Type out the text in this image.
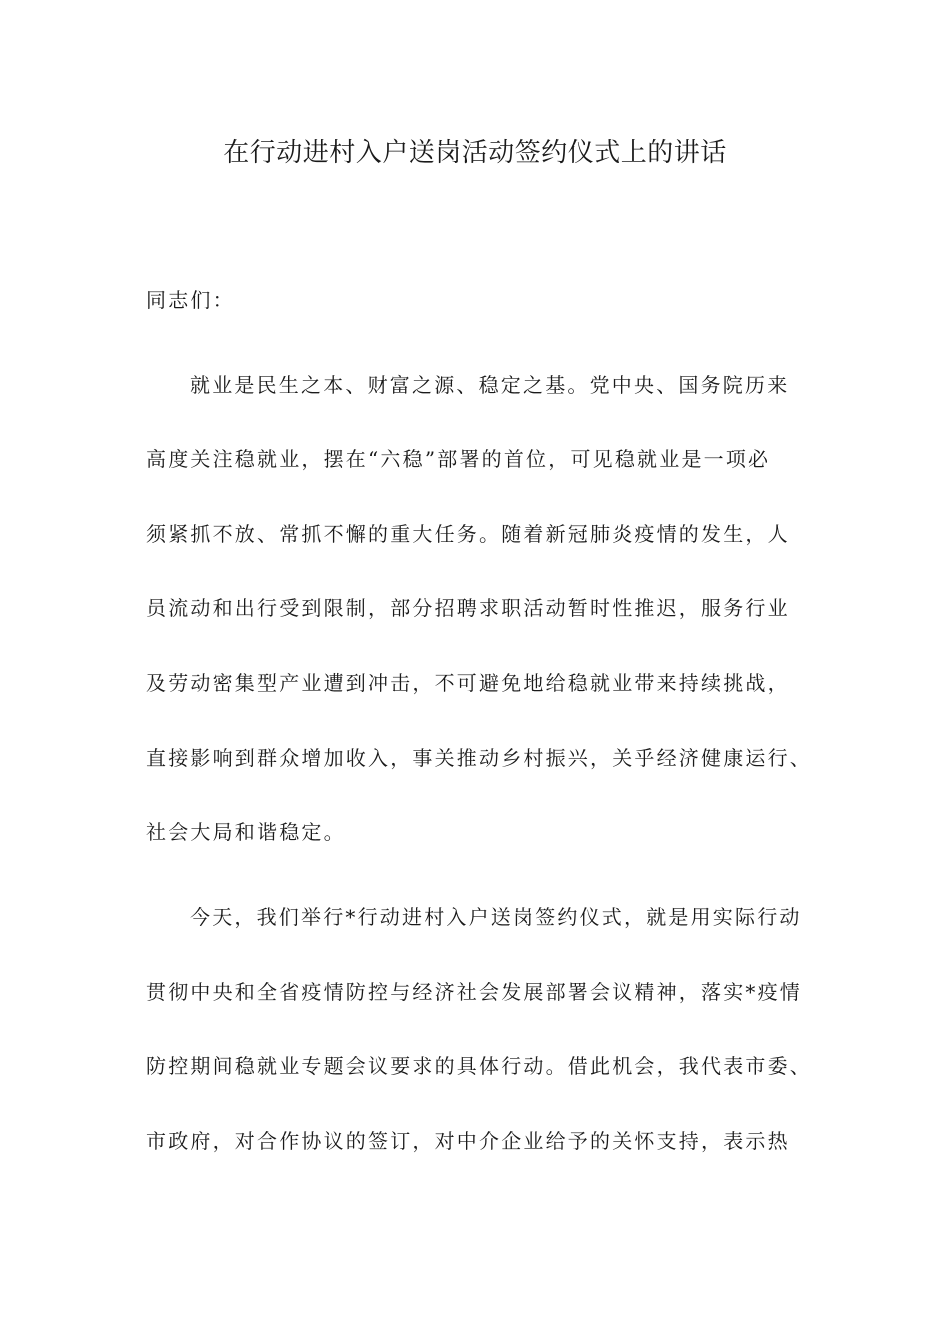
在行动进村入户送岗活动签约仪式上的讲话
同志们：
就业是民生之本、财富之源、稳定之基。党中央、国务院历来
高度关注稳就业，摆在“六稳”部署的首位，可见稳就业是一项必
须紧抓不放、常抓不懈的重大任务。随着新冠肺炎疫情的发生，人
员流动和出行受到限制，部分招聘求职活动暂时性推迟，服务行业
及劳动密集型产业遭到冲击，不可避免地给稳就业带来持续挑战，
直接影响到群众增加收入，事关推动乡村振兴，关乎经济健康运行、
社会大局和谐稳定。
今天，我们举行*行动进村入户送岗签约仪式，就是用实际行动
贯彻中央和全省疫情防控与经济社会发展部署会议精神，落实*疫情
防控期间稳就业专题会议要求的具体行动。借此机会，我代表市委、
市政府，对合作协议的签订，对中介企业给予的关怀支持，表示热
